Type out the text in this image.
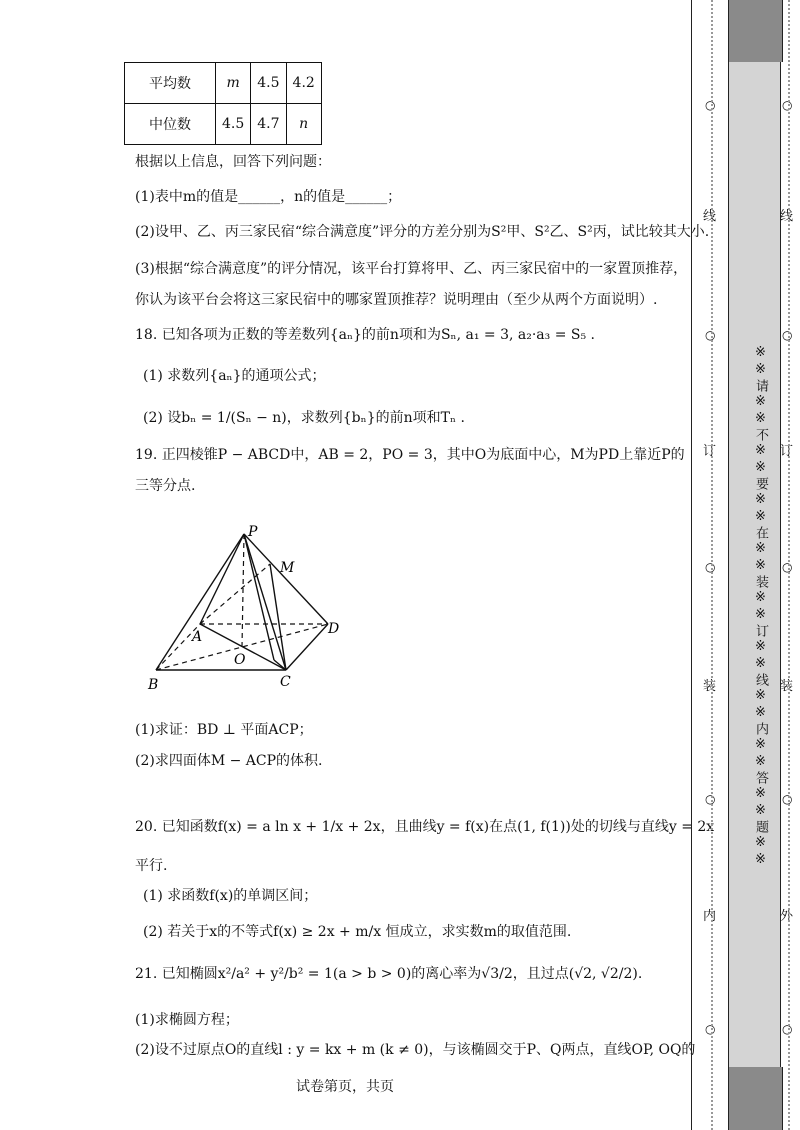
平均数	m	4.5	4.2
中位数	4.5	4.7	n
根据以上信息，回答下列问题：
(1)表中m的值是______，n的值是______；
(2)设甲、乙、丙三家民宿“综合满意度”评分的方差分别为S²甲、S²乙、S²丙，试比较其大小.
(3)根据“综合满意度”的评分情况，该平台打算将甲、乙、丙三家民宿中的一家置顶推荐，
你认为该平台会将这三家民宿中的哪家置顶推荐？说明理由（至少从两个方面说明）.
18. 已知各项为正数的等差数列{aₙ}的前n项和为Sₙ, a₁ = 3, a₂·a₃ = S₅ .
(1) 求数列{aₙ}的通项公式；
(2) 设bₙ = 1/(Sₙ − n)，求数列{bₙ}的前n项和Tₙ .
19. 正四棱锥P − ABCD中，AB = 2，PO = 3，其中O为底面中心，M为PD上靠近P的
三等分点.
P
M
A	D
O
B	C
(1)求证：BD ⊥ 平面ACP；
(2)求四面体M − ACP的体积.
20. 已知函数f(x) = a ln x + 1/x + 2x，且曲线y = f(x)在点(1, f(1))处的切线与直线y = 2x
平行.
(1) 求函数f(x)的单调区间；
(2) 若关于x的不等式f(x) ≥ 2x + m/x 恒成立，求实数m的取值范围.
21. 已知椭圆x²/a² + y²/b² = 1(a > b > 0)的离心率为√3/2，且过点(√2, √2/2).
(1)求椭圆方程；
(2)设不过原点O的直线l : y = kx + m (k ≠ 0)，与该椭圆交于P、Q两点，直线OP, OQ的
试卷第页，共页
※※请※※不※※要※※在※※装※※订※※线※※内※※答※※题※※
线
订
装
内
线
订
装
外
○
○
○
○
○
○
○
○
○
○
